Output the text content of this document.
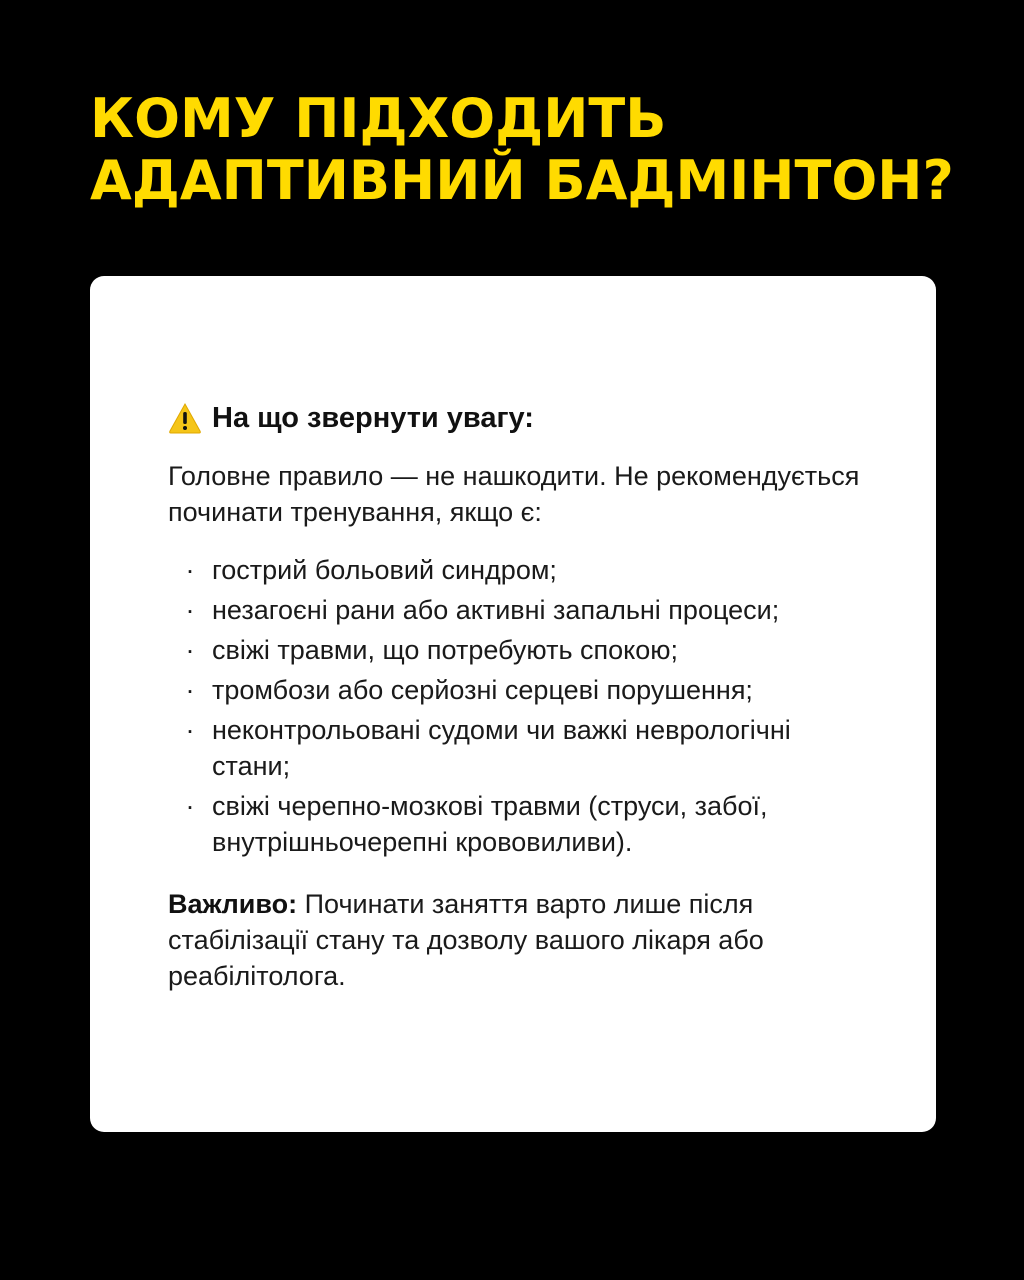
КОМУ ПІДХОДИТЬ
АДАПТИВНИЙ БАДМІНТОН?
На що звернути увагу:

Головне правило — не нашкодити. Не рекомендується починати тренування, якщо є:

· гострий больовий синдром;
· незагоєні рани або активні запальні процеси;
· свіжі травми, що потребують спокою;
· тромбози або серйозні серцеві порушення;
· неконтрольовані судоми чи важкі неврологічні стани;
· свіжі черепно-мозкові травми (струси, забої, внутрішньочерепні крововиливи).

Важливо: Починати заняття варто лише після стабілізації стану та дозволу вашого лікаря або реабілітолога.
